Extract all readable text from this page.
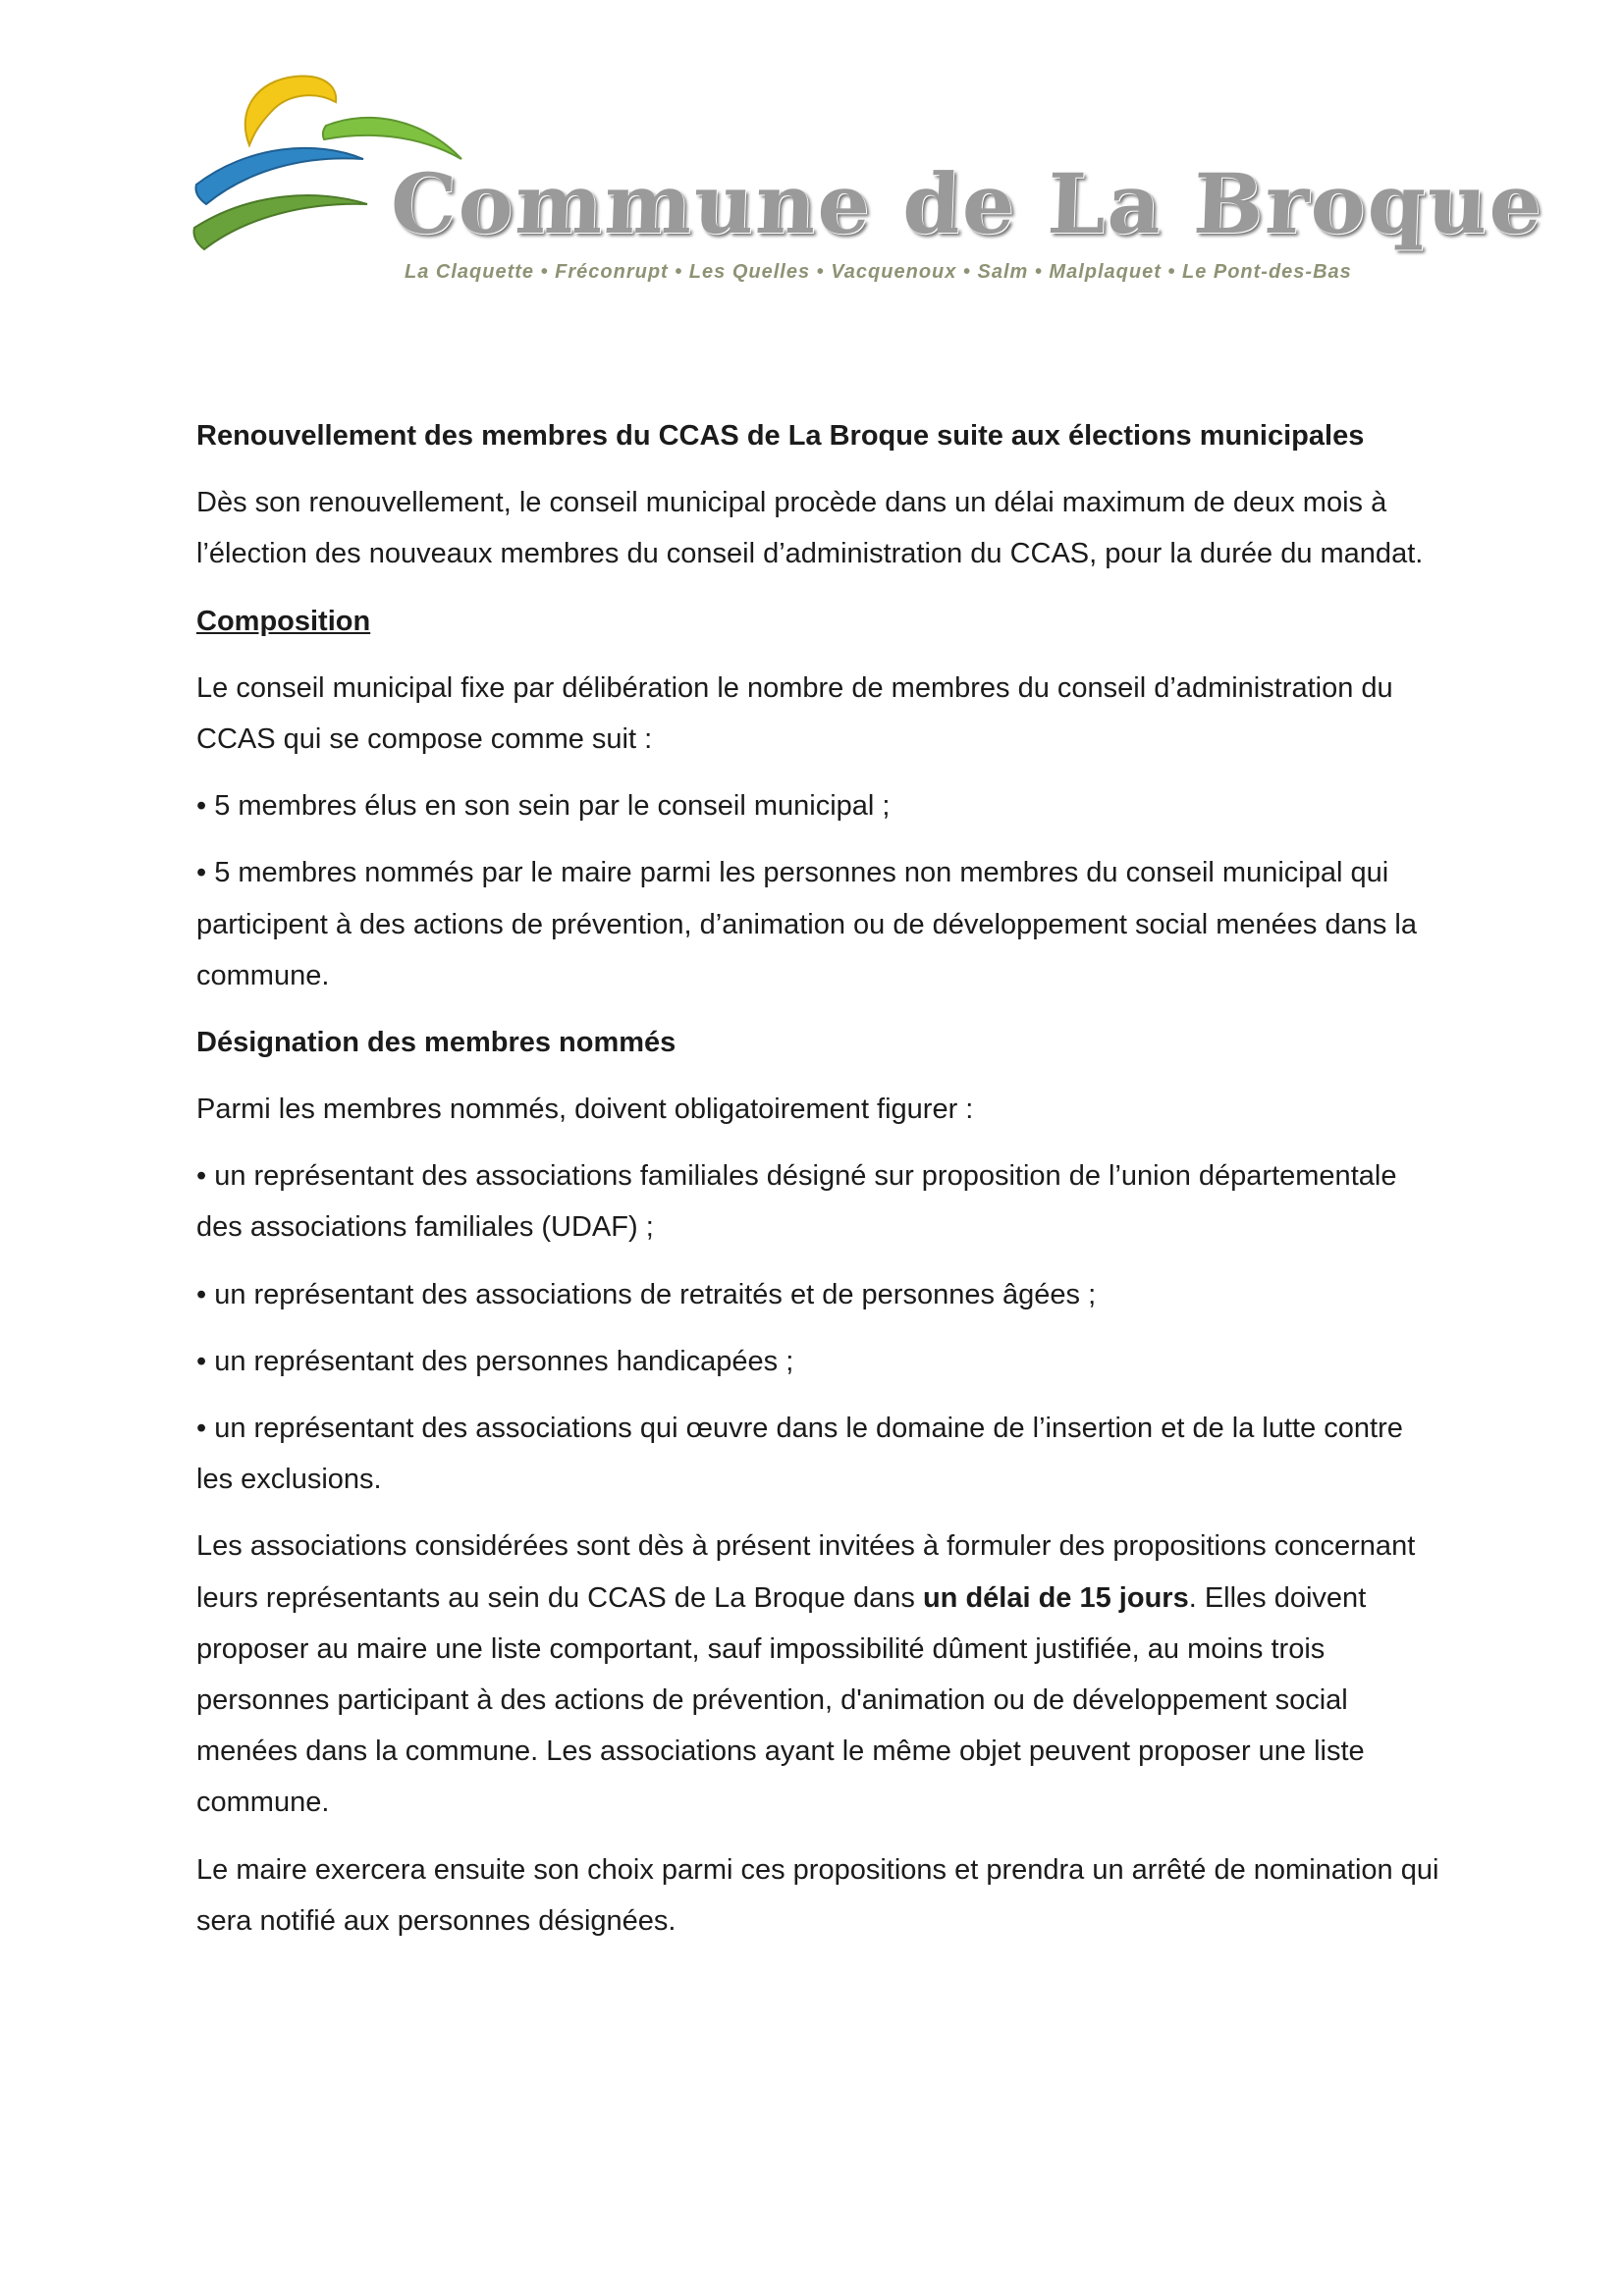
Commune de La Broque
La Claquette • Fréconrupt • Les Quelles • Vacquenoux • Salm • Malplaquet • Le Pont-des-Bas

Renouvellement des membres du CCAS de La Broque suite aux élections municipales

Dès son renouvellement, le conseil municipal procède dans un délai maximum de deux mois à l’élection des nouveaux membres du conseil d’administration du CCAS, pour la durée du mandat.

Composition

Le conseil municipal fixe par délibération le nombre de membres du conseil d’administration du CCAS qui se compose comme suit :

• 5 membres élus en son sein par le conseil municipal ;

• 5 membres nommés par le maire parmi les personnes non membres du conseil municipal qui participent à des actions de prévention, d’animation ou de développement social menées dans la commune.

Désignation des membres nommés

Parmi les membres nommés, doivent obligatoirement figurer :

• un représentant des associations familiales désigné sur proposition de l’union départementale des associations familiales (UDAF) ;

• un représentant des associations de retraités et de personnes âgées ;

• un représentant des personnes handicapées ;

• un représentant des associations qui œuvre dans le domaine de l’insertion et de la lutte contre les exclusions.

Les associations considérées sont dès à présent invitées à formuler des propositions concernant leurs représentants au sein du CCAS de La Broque dans un délai de 15 jours. Elles doivent proposer au maire une liste comportant, sauf impossibilité dûment justifiée, au moins trois personnes participant à des actions de prévention, d'animation ou de développement social menées dans la commune. Les associations ayant le même objet peuvent proposer une liste commune.

Le maire exercera ensuite son choix parmi ces propositions et prendra un arrêté de nomination qui sera notifié aux personnes désignées.
